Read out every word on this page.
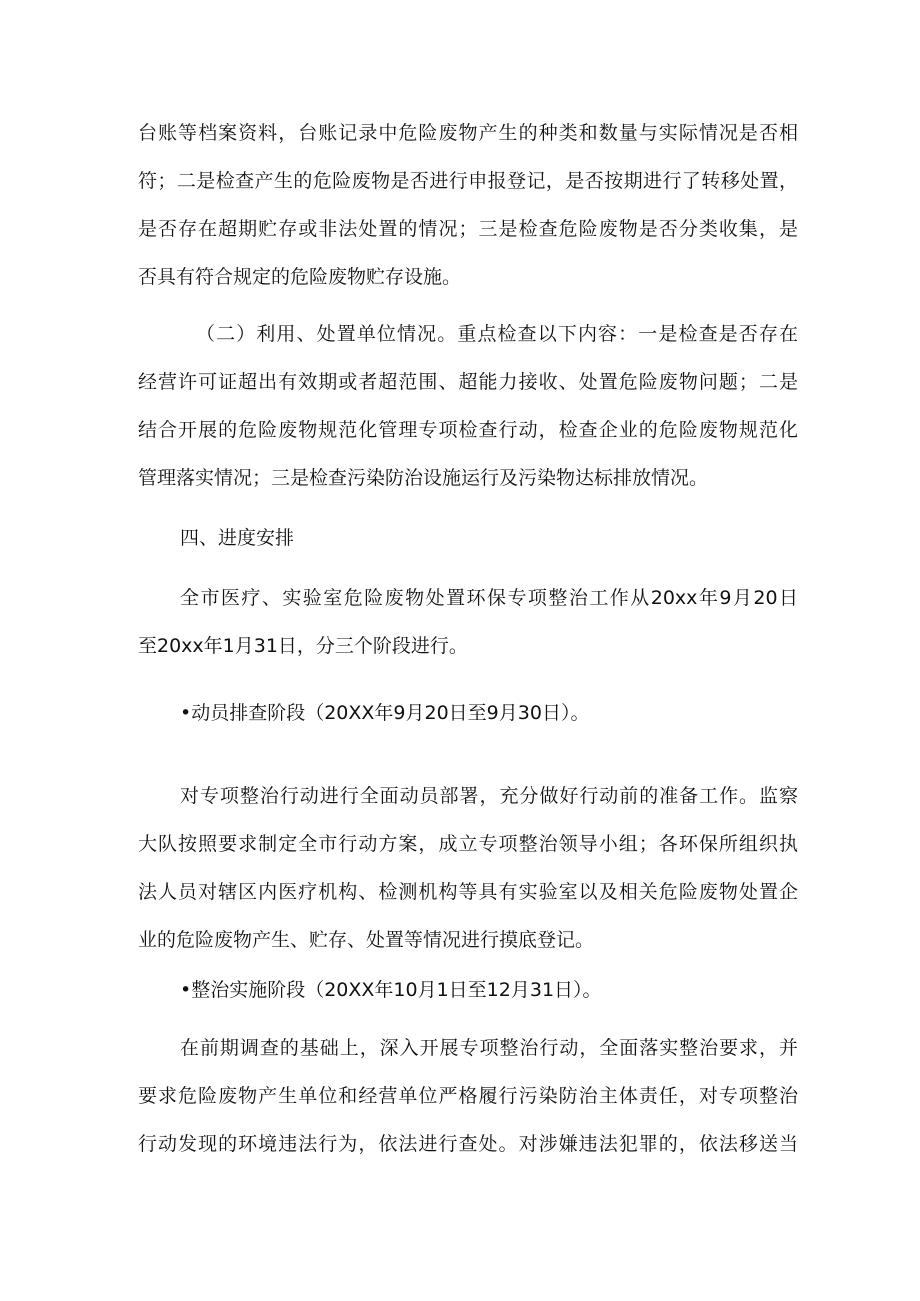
台账等档案资料，台账记录中危险废物产生的种类和数量与实际情况是否相
符；二是检查产生的危险废物是否进行申报登记，是否按期进行了转移处置，
是否存在超期贮存或非法处置的情况；三是检查危险废物是否分类收集，是
否具有符合规定的危险废物贮存设施。
（二）利用、处置单位情况。重点检查以下内容：一是检查是否存在
经营许可证超出有效期或者超范围、超能力接收、处置危险废物问题；二是
结合开展的危险废物规范化管理专项检查行动，检查企业的危险废物规范化
管理落实情况；三是检查污染防治设施运行及污染物达标排放情况。
四、进度安排
全市医疗、实验室危险废物处置环保专项整治工作从20xx年9月20日
至20xx年1月31日，分三个阶段进行。
•动员排查阶段（20XX年9月20日至9月30日）。
对专项整治行动进行全面动员部署，充分做好行动前的准备工作。监察
大队按照要求制定全市行动方案，成立专项整治领导小组；各环保所组织执
法人员对辖区内医疗机构、检测机构等具有实验室以及相关危险废物处置企
业的危险废物产生、贮存、处置等情况进行摸底登记。
•整治实施阶段（20XX年10月1日至12月31日）。
在前期调查的基础上，深入开展专项整治行动，全面落实整治要求，并
要求危险废物产生单位和经营单位严格履行污染防治主体责任，对专项整治
行动发现的环境违法行为，依法进行查处。对涉嫌违法犯罪的，依法移送当
